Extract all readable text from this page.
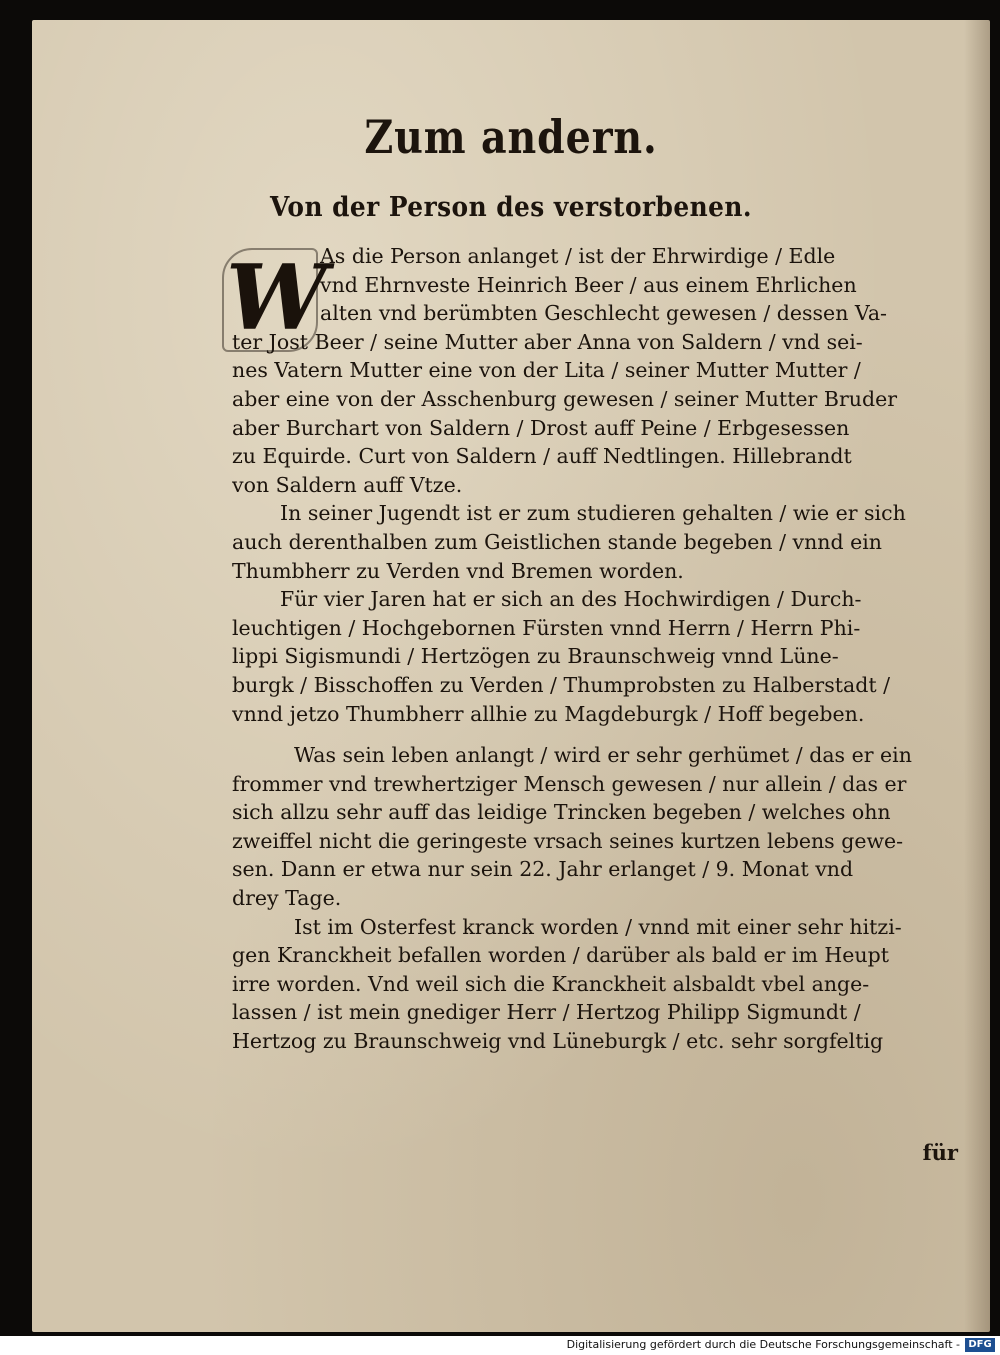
Zum andern.
Von der Person des verstorbenen.
W
As die Person anlanget / ist der Ehrwirdige / Edle
vnd Ehrnveste Heinrich Beer / aus einem Ehrlichen
alten vnd berümbten Geschlecht gewesen / dessen Va-
ter Jost Beer / seine Mutter aber Anna von Saldern / vnd sei-
nes Vatern Mutter eine von der Lita / seiner Mutter Mutter /
aber eine von der Asschenburg gewesen / seiner Mutter Bruder
aber Burchart von Saldern / Drost auff Peine / Erbgesessen
zu Equirde. Curt von Saldern / auff Nedtlingen. Hillebrandt
von Saldern auff Vtze.
In seiner Jugendt ist er zum studieren gehalten / wie er sich
auch derenthalben zum Geistlichen stande begeben / vnnd ein
Thumbherr zu Verden vnd Bremen worden.
Für vier Jaren hat er sich an des Hochwirdigen / Durch-
leuchtigen / Hochgebornen Fürsten vnnd Herrn / Herrn Phi-
lippi Sigismundi / Hertzögen zu Braunschweig vnnd Lüne-
burgk / Bisschoffen zu Verden / Thumprobsten zu Halberstadt /
vnnd jetzo Thumbherr allhie zu Magdeburgk / Hoff begeben.
Was sein leben anlangt / wird er sehr gerhümet / das er ein
frommer vnd trewhertziger Mensch gewesen / nur allein / das er
sich allzu sehr auff das leidige Trincken begeben / welches ohn
zweiffel nicht die geringeste vrsach seines kurtzen lebens gewe-
sen. Dann er etwa nur sein 22. Jahr erlanget / 9. Monat vnd
drey Tage.
Ist im Osterfest kranck worden / vnnd mit einer sehr hitzi-
gen Kranckheit befallen worden / darüber als bald er im Heupt
irre worden. Vnd weil sich die Kranckheit alsbaldt vbel ange-
lassen / ist mein gnediger Herr / Hertzog Philipp Sigmundt /
Hertzog zu Braunschweig vnd Lüneburgk / etc. sehr sorgfeltig
für
Digitalisierung gefördert durch die Deutsche Forschungsgemeinschaft - DFG
